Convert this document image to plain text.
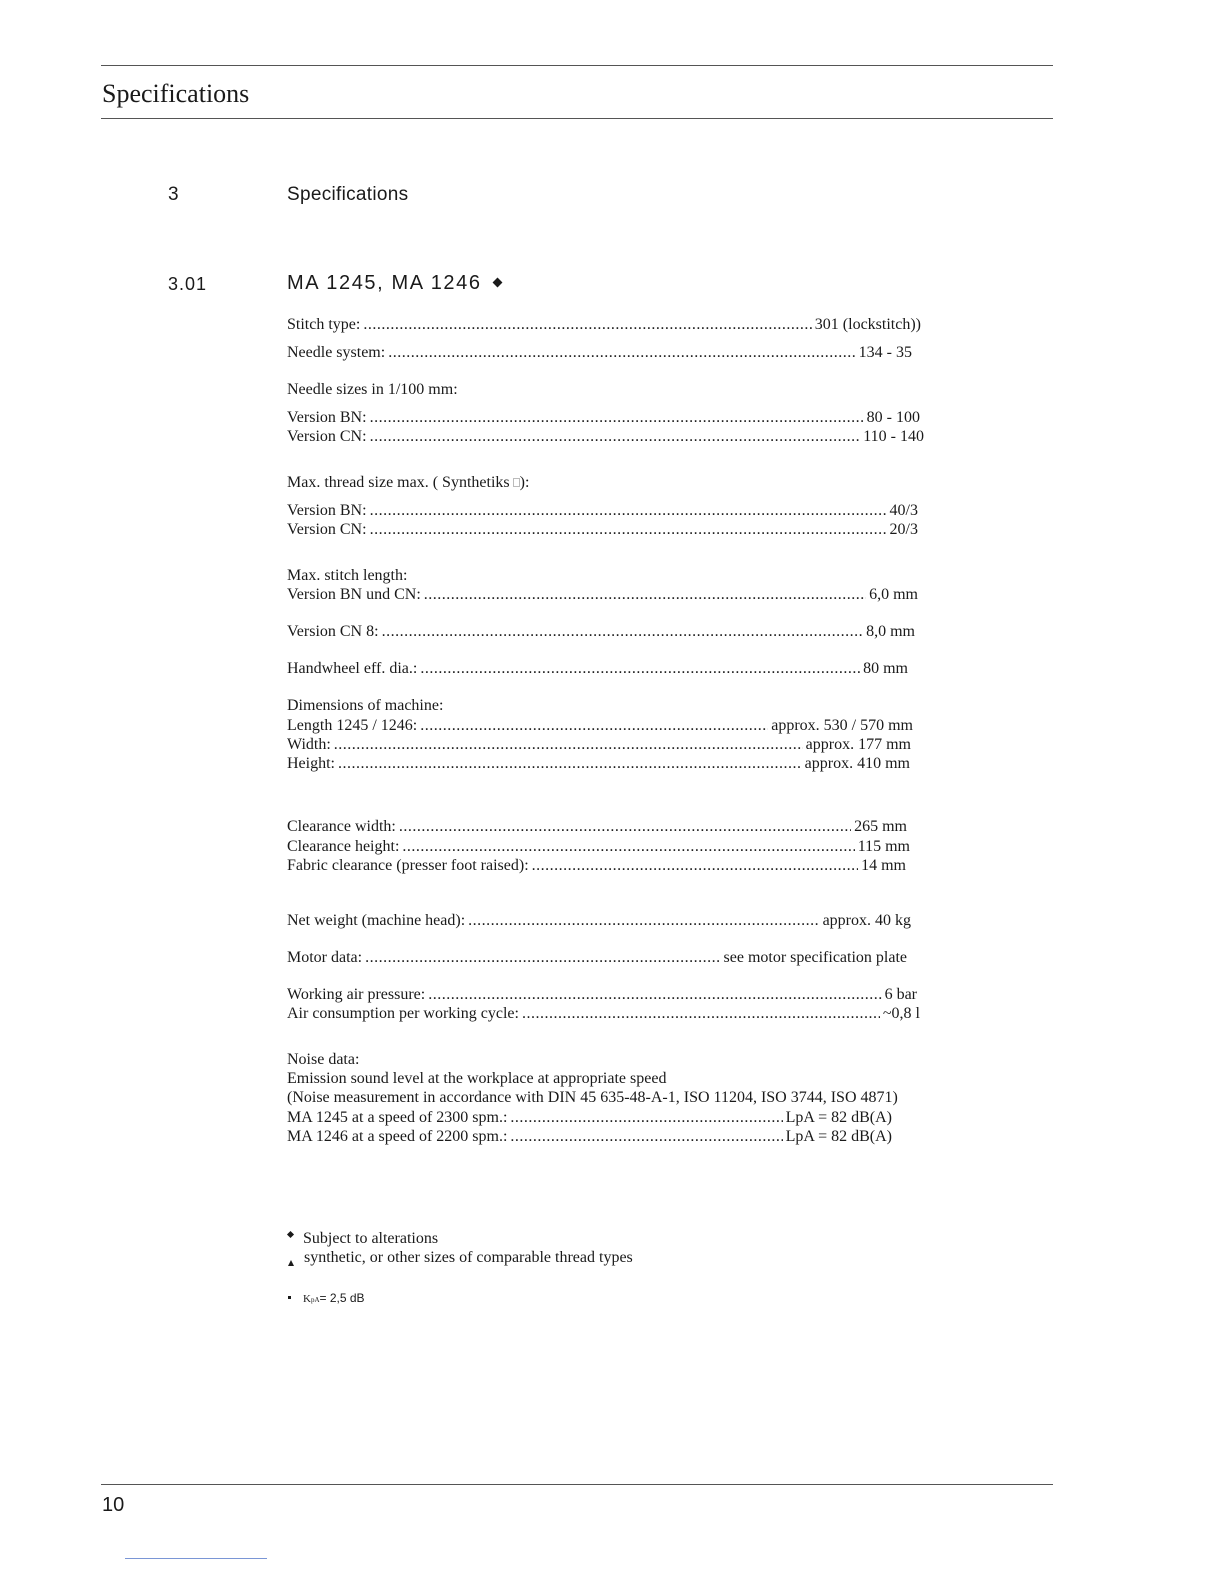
Specifications
3	Specifications
3.01	MA 1245, MA 1246
Stitch type: .....	301 (lockstitch))
Needle system: .....	134 - 35
Needle sizes in 1/100 mm:
Version BN: .....	80 - 100
Version CN: .....	110 - 140
Max. thread size max. ( Synthetiks ):
Version BN: .....	40/3
Version CN: .....	20/3
Max. stitch length:
Version BN und CN: .....	6,0 mm
Version CN 8: .....	8,0 mm
Handwheel eff. dia.: .....	80 mm
Dimensions of machine:
Length 1245 / 1246: .....	approx. 530 / 570 mm
Width: .....	approx. 177 mm
Height: .....	approx. 410 mm
Clearance width: .....	265 mm
Clearance height: .....	115 mm
Fabric clearance (presser foot raised): .....	14 mm
Net weight (machine head): .....	approx. 40 kg
Motor data: .....	see motor specification plate
Working air pressure: .....	6 bar
Air consumption per working cycle: .....	~0,8 l
Noise data:
Emission sound level at the workplace at appropriate speed
(Noise measurement in accordance with DIN 45 635-48-A-1, ISO 11204, ISO 3744, ISO 4871)
MA 1245 at a speed of 2300 spm.: .....	LpA = 82 dB(A)
MA 1246 at a speed of 2200 spm.: .....	LpA = 82 dB(A)
Subject to alterations
synthetic, or other sizes of comparable thread types
KpA= 2,5 dB
10
